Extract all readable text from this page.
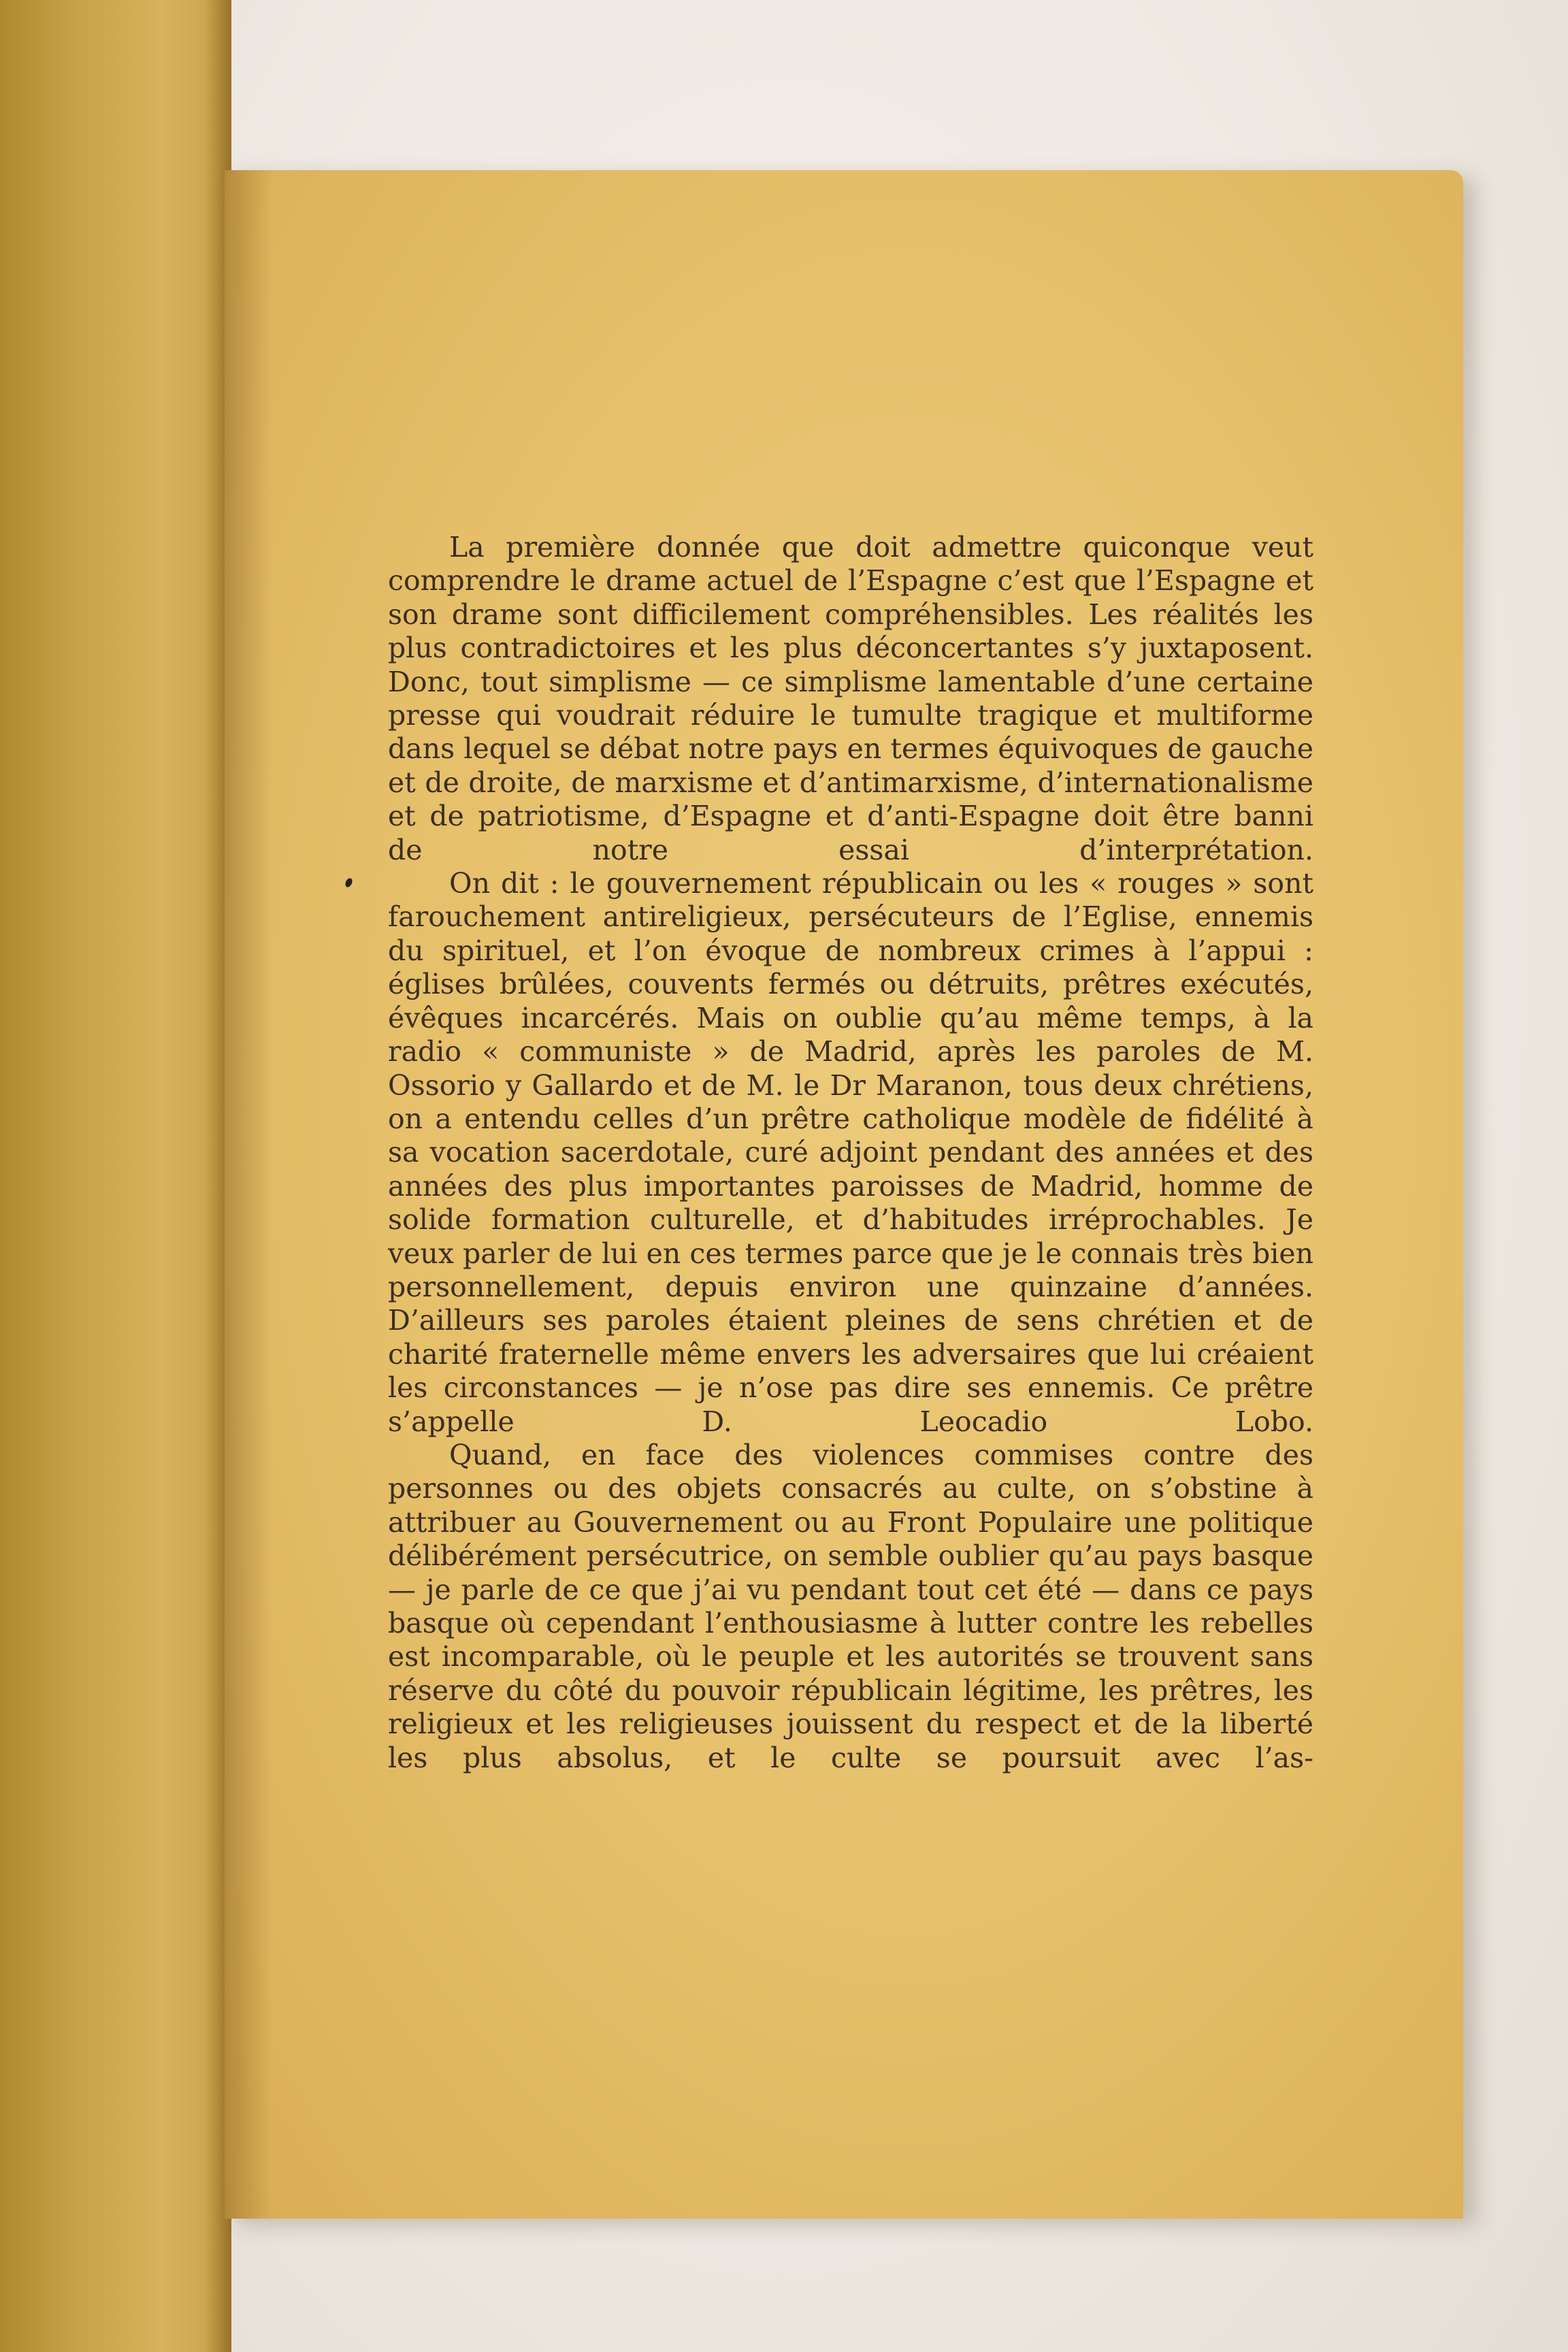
La première donnée que doit admettre quiconque veut comprendre le drame actuel de l’Espagne c’est que l’Espagne et son drame sont difficilement compréhensibles. Les réalités les plus contradictoires et les plus déconcertantes s’y juxtaposent. Donc, tout simplisme — ce simplisme lamentable d’une certaine presse qui voudrait réduire le tumulte tragique et multiforme dans lequel se débat notre pays en termes équivoques de gauche et de droite, de marxisme et d’antimarxisme, d’internationalisme et de patriotisme, d’Espagne et d’anti-Espagne doit être banni de notre essai d’interprétation.

On dit : le gouvernement républicain ou les « rouges » sont farouchement antireligieux, persécuteurs de l’Eglise, ennemis du spirituel, et l’on évoque de nombreux crimes à l’appui : églises brûlées, couvents fermés ou détruits, prêtres exécutés, évêques incarcérés. Mais on oublie qu’au même temps, à la radio « communiste » de Madrid, après les paroles de M. Ossorio y Gallardo et de M. le Dr Maranon, tous deux chrétiens, on a entendu celles d’un prêtre catholique modèle de fidélité à sa vocation sacerdotale, curé adjoint pendant des années et des années des plus importantes paroisses de Madrid, homme de solide formation culturelle, et d’habitudes irréprochables. Je veux parler de lui en ces termes parce que je le connais très bien personnellement, depuis environ une quinzaine d’années. D’ailleurs ses paroles étaient pleines de sens chrétien et de charité fraternelle même envers les adversaires que lui créaient les circonstances — je n’ose pas dire ses ennemis. Ce prêtre s’appelle D. Leocadio Lobo.

Quand, en face des violences commises contre des personnes ou des objets consacrés au culte, on s’obstine à attribuer au Gouvernement ou au Front Populaire une politique délibérément persécutrice, on semble oublier qu’au pays basque — je parle de ce que j’ai vu pendant tout cet été — dans ce pays basque où cependant l’enthousiasme à lutter contre les rebelles est incomparable, où le peuple et les autorités se trouvent sans réserve du côté du pouvoir républicain légitime, les prêtres, les religieux et les religieuses jouissent du respect et de la liberté les plus absolus, et le culte se poursuit avec l’as-
